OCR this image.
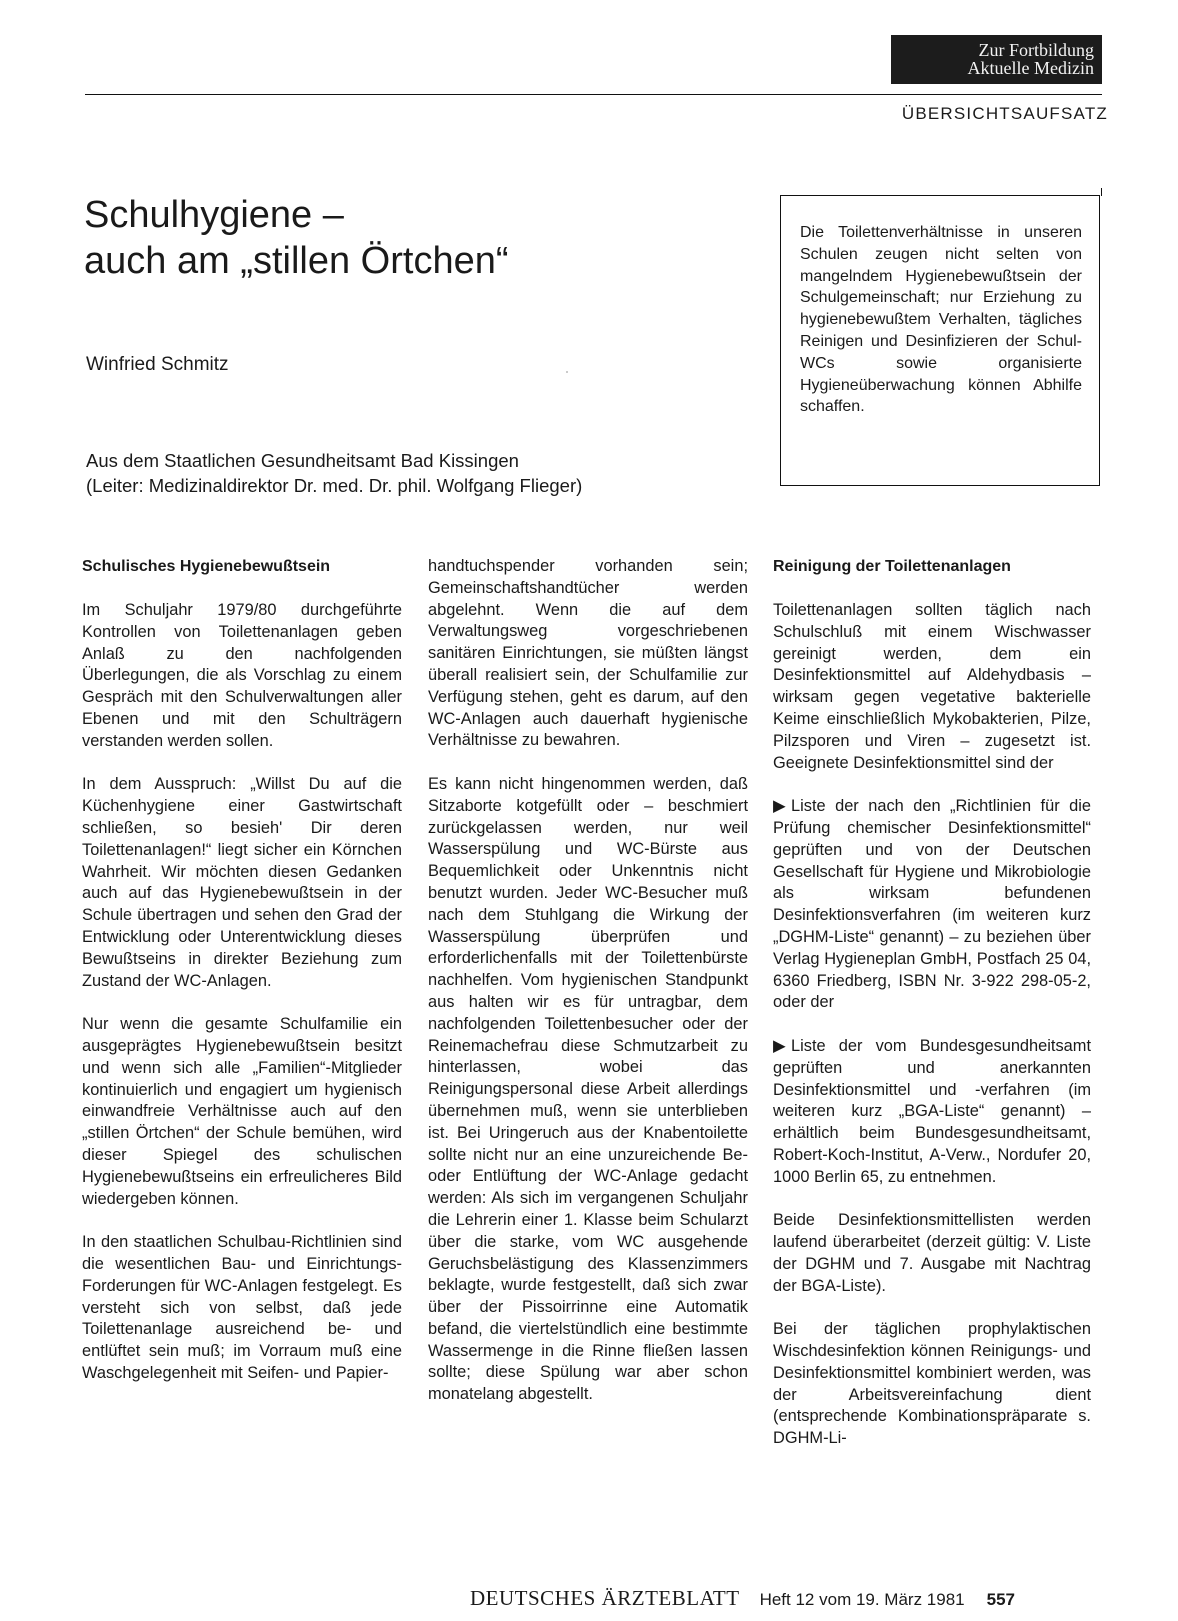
Zur Fortbildung
Aktuelle Medizin
ÜBERSICHTSAUFSATZ
Schulhygiene –
auch am „stillen Örtchen“
Winfried Schmitz
Aus dem Staatlichen Gesundheitsamt Bad Kissingen
(Leiter: Medizinaldirektor Dr. med. Dr. phil. Wolfgang Flieger)
Die Toilettenverhältnisse in unseren Schulen zeugen nicht selten von mangelndem Hygienebewußtsein der Schulgemeinschaft; nur Erziehung zu hygienebewußtem Verhalten, tägliches Reinigen und Desinfizieren der Schul-WCs sowie organisierte Hygieneüberwachung können Abhilfe schaffen.
Schulisches Hygienebewußtsein

Im Schuljahr 1979/80 durchgeführte Kontrollen von Toilettenanlagen geben Anlaß zu den nachfolgenden Überlegungen, die als Vorschlag zu einem Gespräch mit den Schulverwaltungen aller Ebenen und mit den Schulträgern verstanden werden sollen.

In dem Ausspruch: „Willst Du auf die Küchenhygiene einer Gastwirtschaft schließen, so besieh' Dir deren Toilettenanlagen!“ liegt sicher ein Körnchen Wahrheit. Wir möchten diesen Gedanken auch auf das Hygienebewußtsein in der Schule übertragen und sehen den Grad der Entwicklung oder Unterentwicklung dieses Bewußtseins in direkter Beziehung zum Zustand der WC-Anlagen.

Nur wenn die gesamte Schulfamilie ein ausgeprägtes Hygienebewußtsein besitzt und wenn sich alle „Familien“-Mitglieder kontinuierlich und engagiert um hygienisch einwandfreie Verhältnisse auch auf den „stillen Örtchen“ der Schule bemühen, wird dieser Spiegel des schulischen Hygienebewußtseins ein erfreulicheres Bild wiedergeben können.

In den staatlichen Schulbau-Richtlinien sind die wesentlichen Bau- und Einrichtungs-Forderungen für WC-Anlagen festgelegt. Es versteht sich von selbst, daß jede Toilettenanlage ausreichend be- und entlüftet sein muß; im Vorraum muß eine Waschgelegenheit mit Seifen- und Papier-

handtuchspender vorhanden sein; Gemeinschaftshandtücher werden abgelehnt. Wenn die auf dem Verwaltungsweg vorgeschriebenen sanitären Einrichtungen, sie müßten längst überall realisiert sein, der Schulfamilie zur Verfügung stehen, geht es darum, auf den WC-Anlagen auch dauerhaft hygienische Verhältnisse zu bewahren.

Es kann nicht hingenommen werden, daß Sitzaborte kotgefüllt oder – beschmiert zurückgelassen werden, nur weil Wasserspülung und WC-Bürste aus Bequemlichkeit oder Unkenntnis nicht benutzt wurden. Jeder WC-Besucher muß nach dem Stuhlgang die Wirkung der Wasserspülung überprüfen und erforderlichenfalls mit der Toilettenbürste nachhelfen. Vom hygienischen Standpunkt aus halten wir es für untragbar, dem nachfolgenden Toilettenbesucher oder der Reinemachefrau diese Schmutzarbeit zu hinterlassen, wobei das Reinigungspersonal diese Arbeit allerdings übernehmen muß, wenn sie unterblieben ist. Bei Uringeruch aus der Knabentoilette sollte nicht nur an eine unzureichende Be- oder Entlüftung der WC-Anlage gedacht werden: Als sich im vergangenen Schuljahr die Lehrerin einer 1. Klasse beim Schularzt über die starke, vom WC ausgehende Geruchsbelästigung des Klassenzimmers beklagte, wurde festgestellt, daß sich zwar über der Pissoirrinne eine Automatik befand, die viertelstündlich eine bestimmte Wassermenge in die Rinne fließen lassen sollte; diese Spülung war aber schon monatelang abgestellt.

Reinigung der Toilettenanlagen

Toilettenanlagen sollten täglich nach Schulschluß mit einem Wischwasser gereinigt werden, dem ein Desinfektionsmittel auf Aldehydbasis – wirksam gegen vegetative bakterielle Keime einschließlich Mykobakterien, Pilze, Pilzsporen und Viren – zugesetzt ist. Geeignete Desinfektionsmittel sind der

▶ Liste der nach den „Richtlinien für die Prüfung chemischer Desinfektionsmittel“ geprüften und von der Deutschen Gesellschaft für Hygiene und Mikrobiologie als wirksam befundenen Desinfektionsverfahren (im weiteren kurz „DGHM-Liste“ genannt) – zu beziehen über Verlag Hygieneplan GmbH, Postfach 25 04, 6360 Friedberg, ISBN Nr. 3-922 298-05-2, oder der

▶ Liste der vom Bundesgesundheitsamt geprüften und anerkannten Desinfektionsmittel und -verfahren (im weiteren kurz „BGA-Liste“ genannt) – erhältlich beim Bundesgesundheitsamt, Robert-Koch-Institut, A-Verw., Nordufer 20, 1000 Berlin 65, zu entnehmen.

Beide Desinfektionsmittellisten werden laufend überarbeitet (derzeit gültig: V. Liste der DGHM und 7. Ausgabe mit Nachtrag der BGA-Liste).

Bei der täglichen prophylaktischen Wischdesinfektion können Reinigungs- und Desinfektionsmittel kombiniert werden, was der Arbeitsvereinfachung dient (entsprechende Kombinationspräparate s. DGHM-Li-

DEUTSCHES ÄRZTEBLATT Heft 12 vom 19. März 1981 557
